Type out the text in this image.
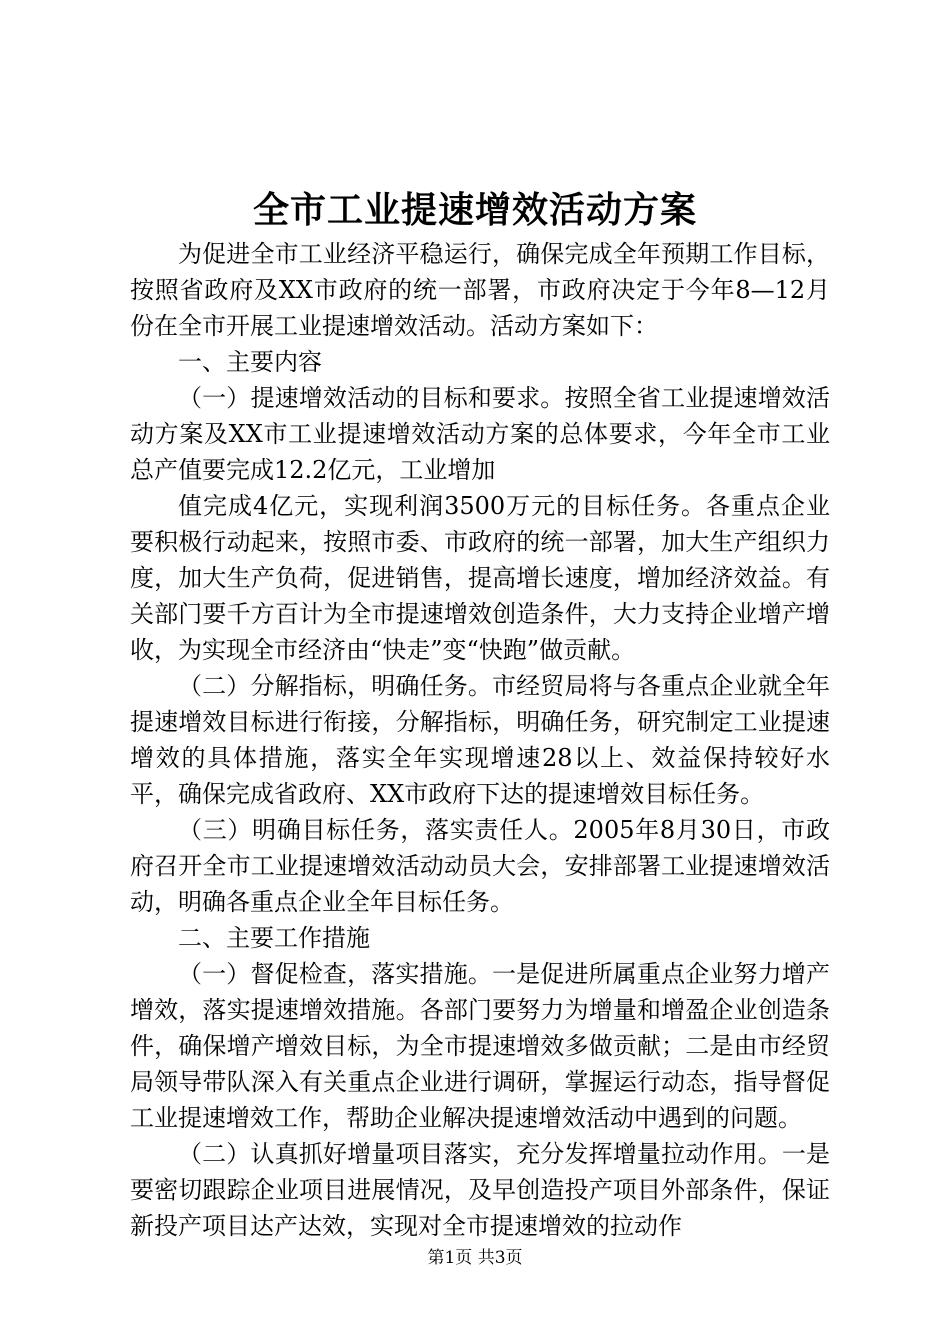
全市工业提速增效活动方案

为促进全市工业经济平稳运行，确保完成全年预期工作目标，按照省政府及XX市政府的统一部署，市政府决定于今年8—12月份在全市开展工业提速增效活动。活动方案如下：

一、主要内容

（一）提速增效活动的目标和要求。按照全省工业提速增效活动方案及XX市工业提速增效活动方案的总体要求，今年全市工业总产值要完成12.2亿元，工业增加

值完成4亿元，实现利润3500万元的目标任务。各重点企业要积极行动起来，按照市委、市政府的统一部署，加大生产组织力度，加大生产负荷，促进销售，提高增长速度，增加经济效益。有关部门要千方百计为全市提速增效创造条件，大力支持企业增产增收，为实现全市经济由“快走”变“快跑”做贡献。

（二）分解指标，明确任务。市经贸局将与各重点企业就全年提速增效目标进行衔接，分解指标，明确任务，研究制定工业提速增效的具体措施，落实全年实现增速28以上、效益保持较好水平，确保完成省政府、XX市政府下达的提速增效目标任务。

（三）明确目标任务，落实责任人。2005年8月30日，市政府召开全市工业提速增效活动动员大会，安排部署工业提速增效活动，明确各重点企业全年目标任务。

二、主要工作措施

（一）督促检查，落实措施。一是促进所属重点企业努力增产增效，落实提速增效措施。各部门要努力为增量和增盈企业创造条件，确保增产增效目标，为全市提速增效多做贡献；二是由市经贸局领导带队深入有关重点企业进行调研，掌握运行动态，指导督促工业提速增效工作，帮助企业解决提速增效活动中遇到的问题。

（二）认真抓好增量项目落实，充分发挥增量拉动作用。一是要密切跟踪企业项目进展情况，及早创造投产项目外部条件，保证新投产项目达产达效，实现对全市提速增效的拉动作

第1页 共3页
